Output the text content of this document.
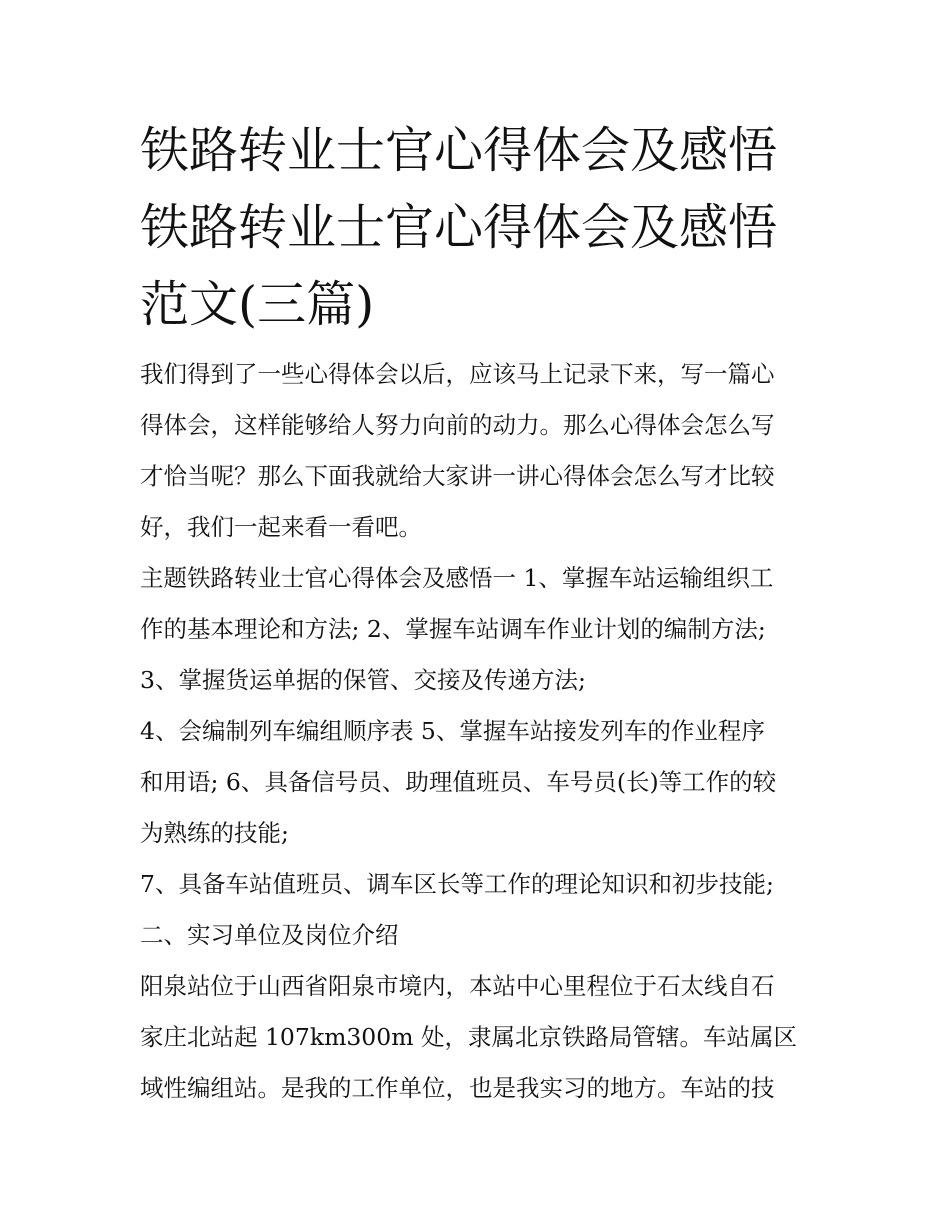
铁路转业士官心得体会及感悟
铁路转业士官心得体会及感悟
范文(三篇)
我们得到了一些心得体会以后，应该马上记录下来，写一篇心
得体会，这样能够给人努力向前的动力。那么心得体会怎么写
才恰当呢？那么下面我就给大家讲一讲心得体会怎么写才比较
好，我们一起来看一看吧。
主题铁路转业士官心得体会及感悟一 1、掌握车站运输组织工
作的基本理论和方法; 2、掌握车站调车作业计划的编制方法;
3、掌握货运单据的保管、交接及传递方法;
4、会编制列车编组顺序表 5、掌握车站接发列车的作业程序
和用语; 6、具备信号员、助理值班员、车号员(长)等工作的较
为熟练的技能;
7、具备车站值班员、调车区长等工作的理论知识和初步技能;
二、实习单位及岗位介绍
阳泉站位于山西省阳泉市境内，本站中心里程位于石太线自石
家庄北站起 107km300m 处，隶属北京铁路局管辖。车站属区
域性编组站。是我的工作单位，也是我实习的地方。车站的技
